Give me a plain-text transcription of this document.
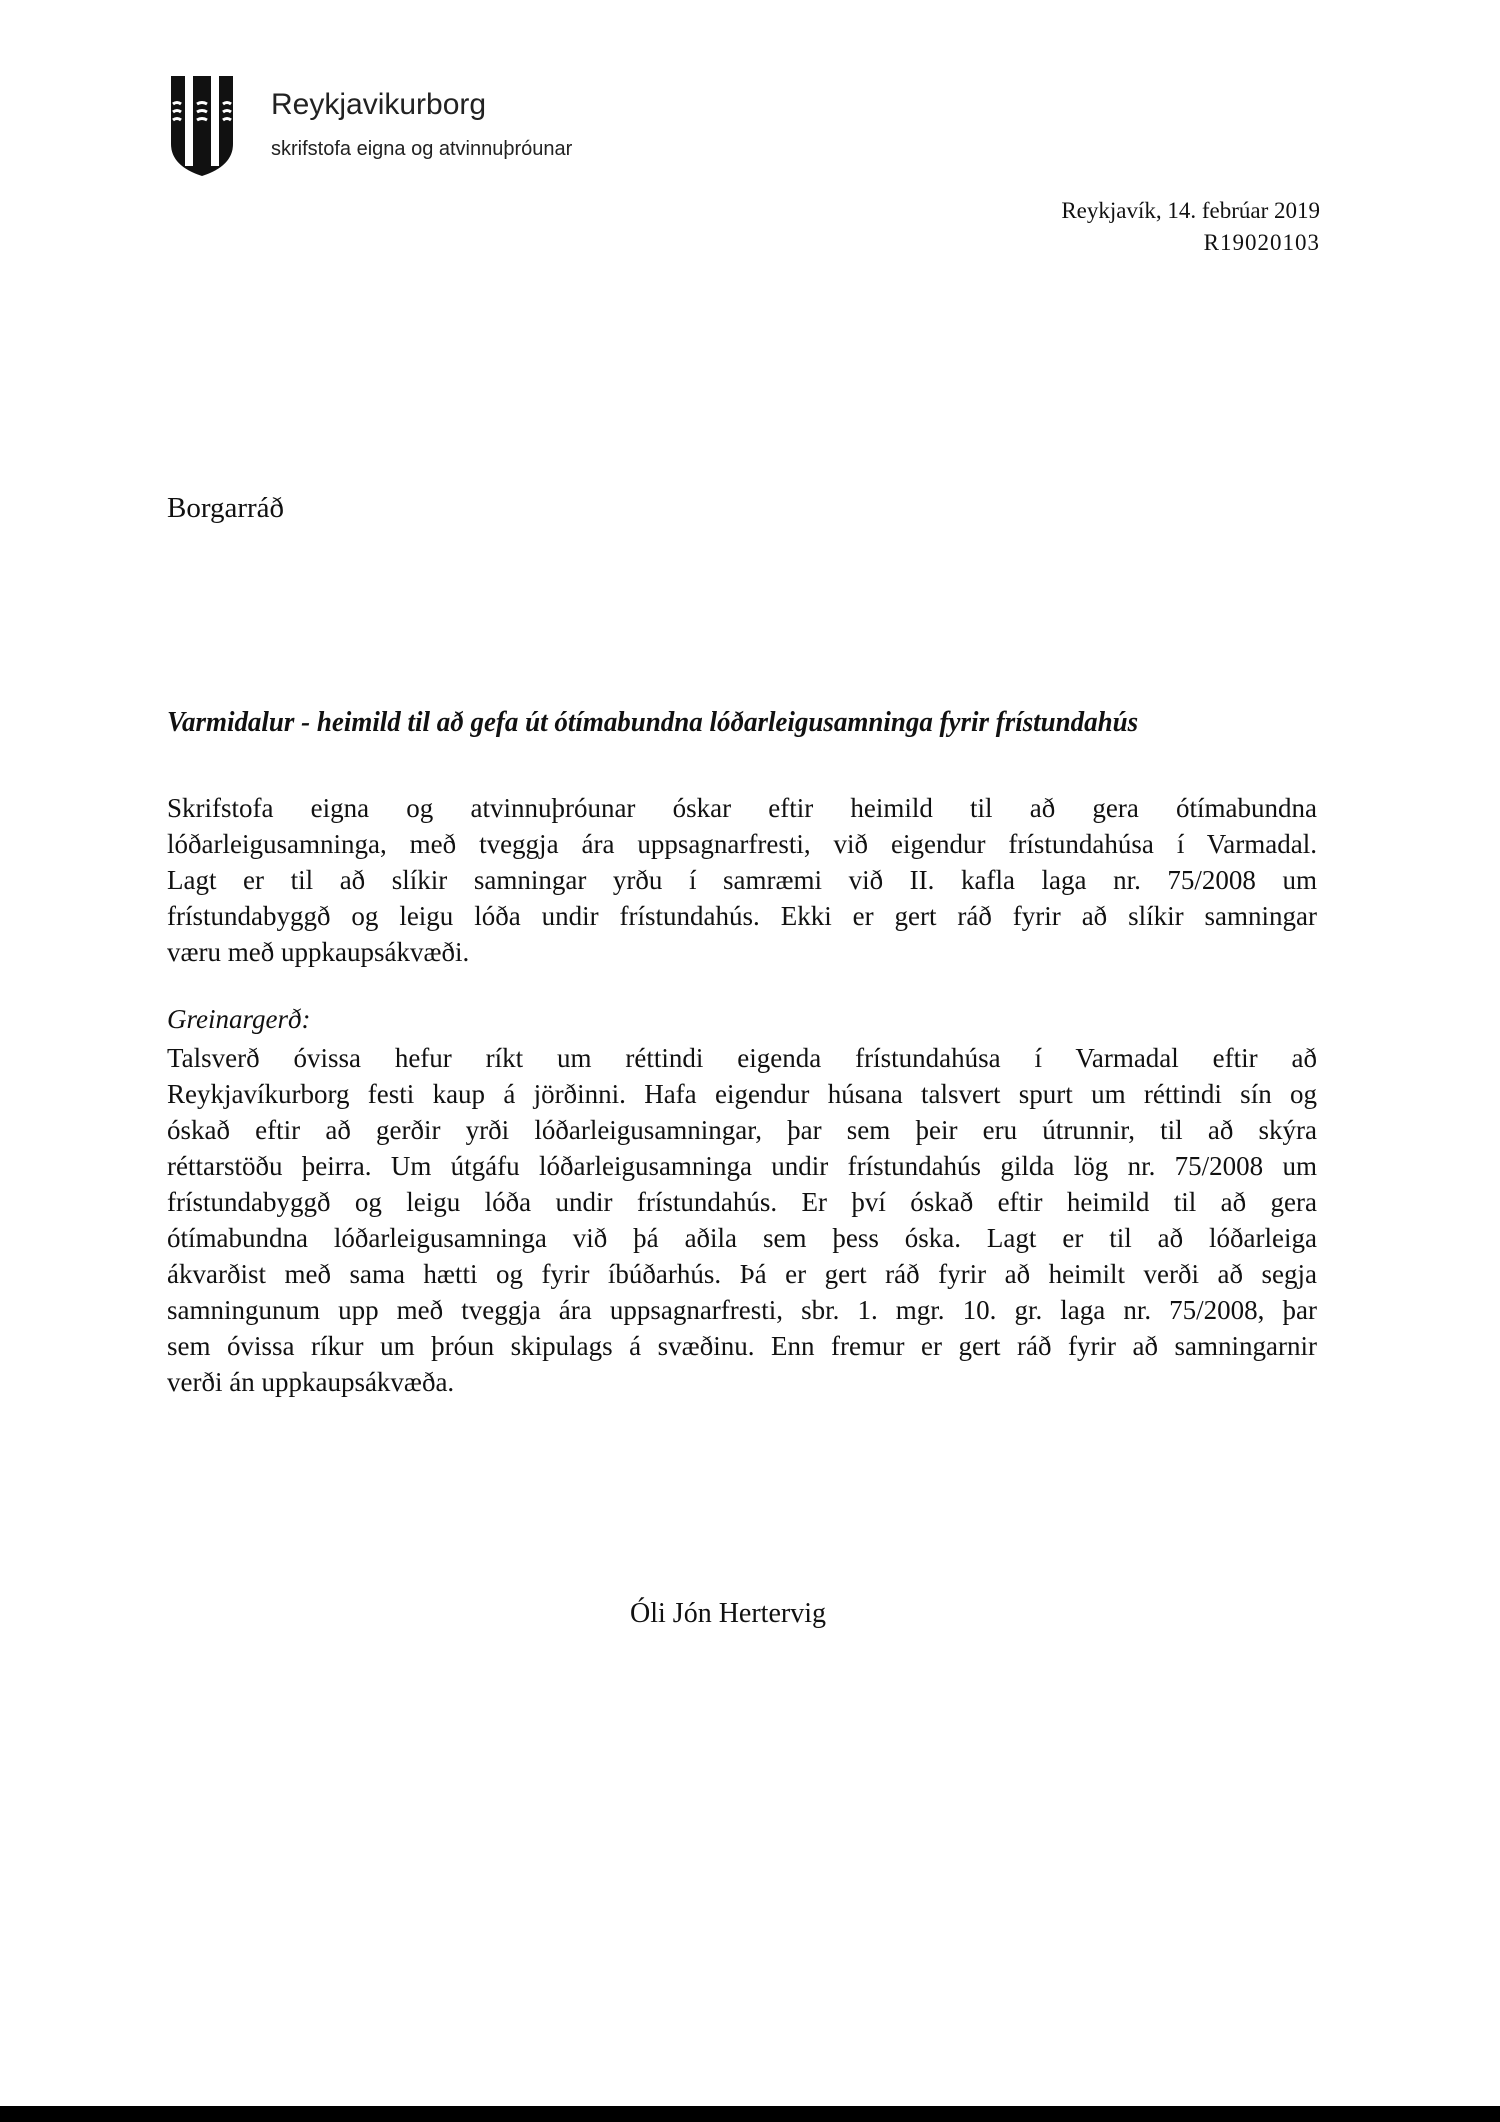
Reykjavikurborg
skrifstofa eigna og atvinnuþróunar
Reykjavík, 14. febrúar 2019
R19020103
Borgarráð
Varmidalur - heimild til að gefa út ótímabundna lóðarleigusamninga fyrir frístundahús
Skrifstofa eigna og atvinnuþróunar óskar eftir heimild til að gera ótímabundna
lóðarleigusamninga, með tveggja ára uppsagnarfresti, við eigendur frístundahúsa í Varmadal.
Lagt er til að slíkir samningar yrðu í samræmi við II. kafla laga nr. 75/2008 um
frístundabyggð og leigu lóða undir frístundahús. Ekki er gert ráð fyrir að slíkir samningar
væru með uppkaupsákvæði.
Greinargerð:
Talsverð óvissa hefur ríkt um réttindi eigenda frístundahúsa í Varmadal eftir að
Reykjavíkurborg festi kaup á jörðinni. Hafa eigendur húsana talsvert spurt um réttindi sín og
óskað eftir að gerðir yrði lóðarleigusamningar, þar sem þeir eru útrunnir, til að skýra
réttarstöðu þeirra. Um útgáfu lóðarleigusamninga undir frístundahús gilda lög nr. 75/2008 um
frístundabyggð og leigu lóða undir frístundahús. Er því óskað eftir heimild til að gera
ótímabundna lóðarleigusamninga við þá aðila sem þess óska. Lagt er til að lóðarleiga
ákvarðist með sama hætti og fyrir íbúðarhús. Þá er gert ráð fyrir að heimilt verði að segja
samningunum upp með tveggja ára uppsagnarfresti, sbr. 1. mgr. 10. gr. laga nr. 75/2008, þar
sem óvissa ríkur um þróun skipulags á svæðinu. Enn fremur er gert ráð fyrir að samningarnir
verði án uppkaupsákvæða.
Óli Jón Hertervig
